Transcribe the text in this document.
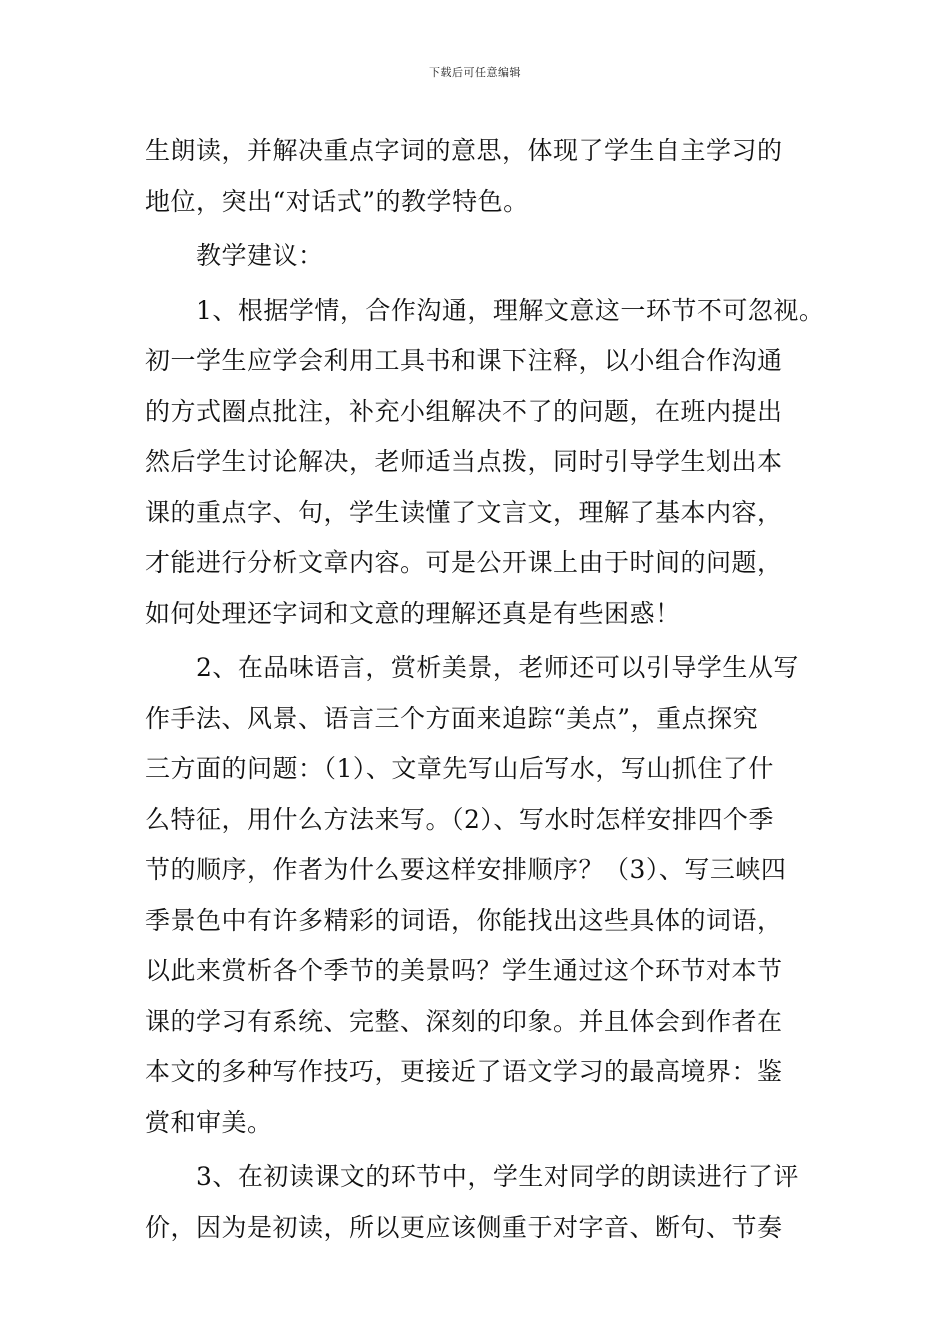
下载后可任意编辑

生朗读，并解决重点字词的意思，体现了学生自主学习的

地位，突出“对话式”的教学特色。

　　教学建议：

　　1、根据学情，合作沟通，理解文意这一环节不可忽视。

初一学生应学会利用工具书和课下注释，以小组合作沟通

的方式圈点批注，补充小组解决不了的问题，在班内提出

然后学生讨论解决，老师适当点拨，同时引导学生划出本

课的重点字、句，学生读懂了文言文，理解了基本内容，

才能进行分析文章内容。可是公开课上由于时间的问题，

如何处理还字词和文意的理解还真是有些困惑！

　　2、在品味语言，赏析美景，老师还可以引导学生从写

作手法、风景、语言三个方面来追踪“美点”，重点探究

三方面的问题：（1）、文章先写山后写水，写山抓住了什

么特征，用什么方法来写。（2）、写水时怎样安排四个季

节的顺序，作者为什么要这样安排顺序？（3）、写三峡四

季景色中有许多精彩的词语，你能找出这些具体的词语，

以此来赏析各个季节的美景吗？学生通过这个环节对本节

课的学习有系统、完整、深刻的印象。并且体会到作者在

本文的多种写作技巧，更接近了语文学习的最高境界：鉴

赏和审美。

　　3、在初读课文的环节中，学生对同学的朗读进行了评

价，因为是初读，所以更应该侧重于对字音、断句、节奏
